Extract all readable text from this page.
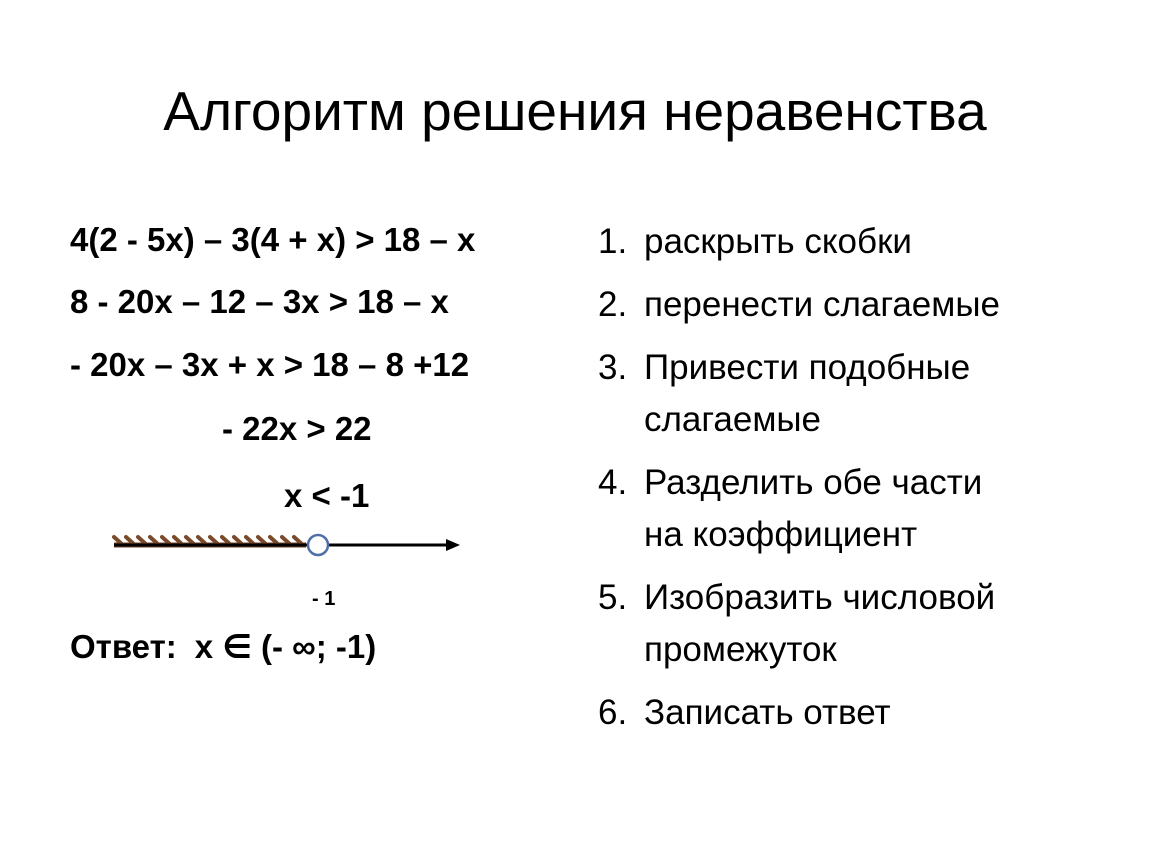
Алгоритм решения неравенства
4(2 - 5x) – 3(4 + x) > 18 – x
8 - 20x – 12 – 3x > 18 – x
- 20x – 3x + x > 18 – 8 +12
- 22x > 22
x < -1
- 1
Ответ: x ∈ (- ∞; -1)
1. раскрыть скобки
2. перенести слагаемые
3. Привести подобные
слагаемые
4. Разделить обе части
на коэффициент
5. Изобразить числовой
промежуток
6. Записать ответ
